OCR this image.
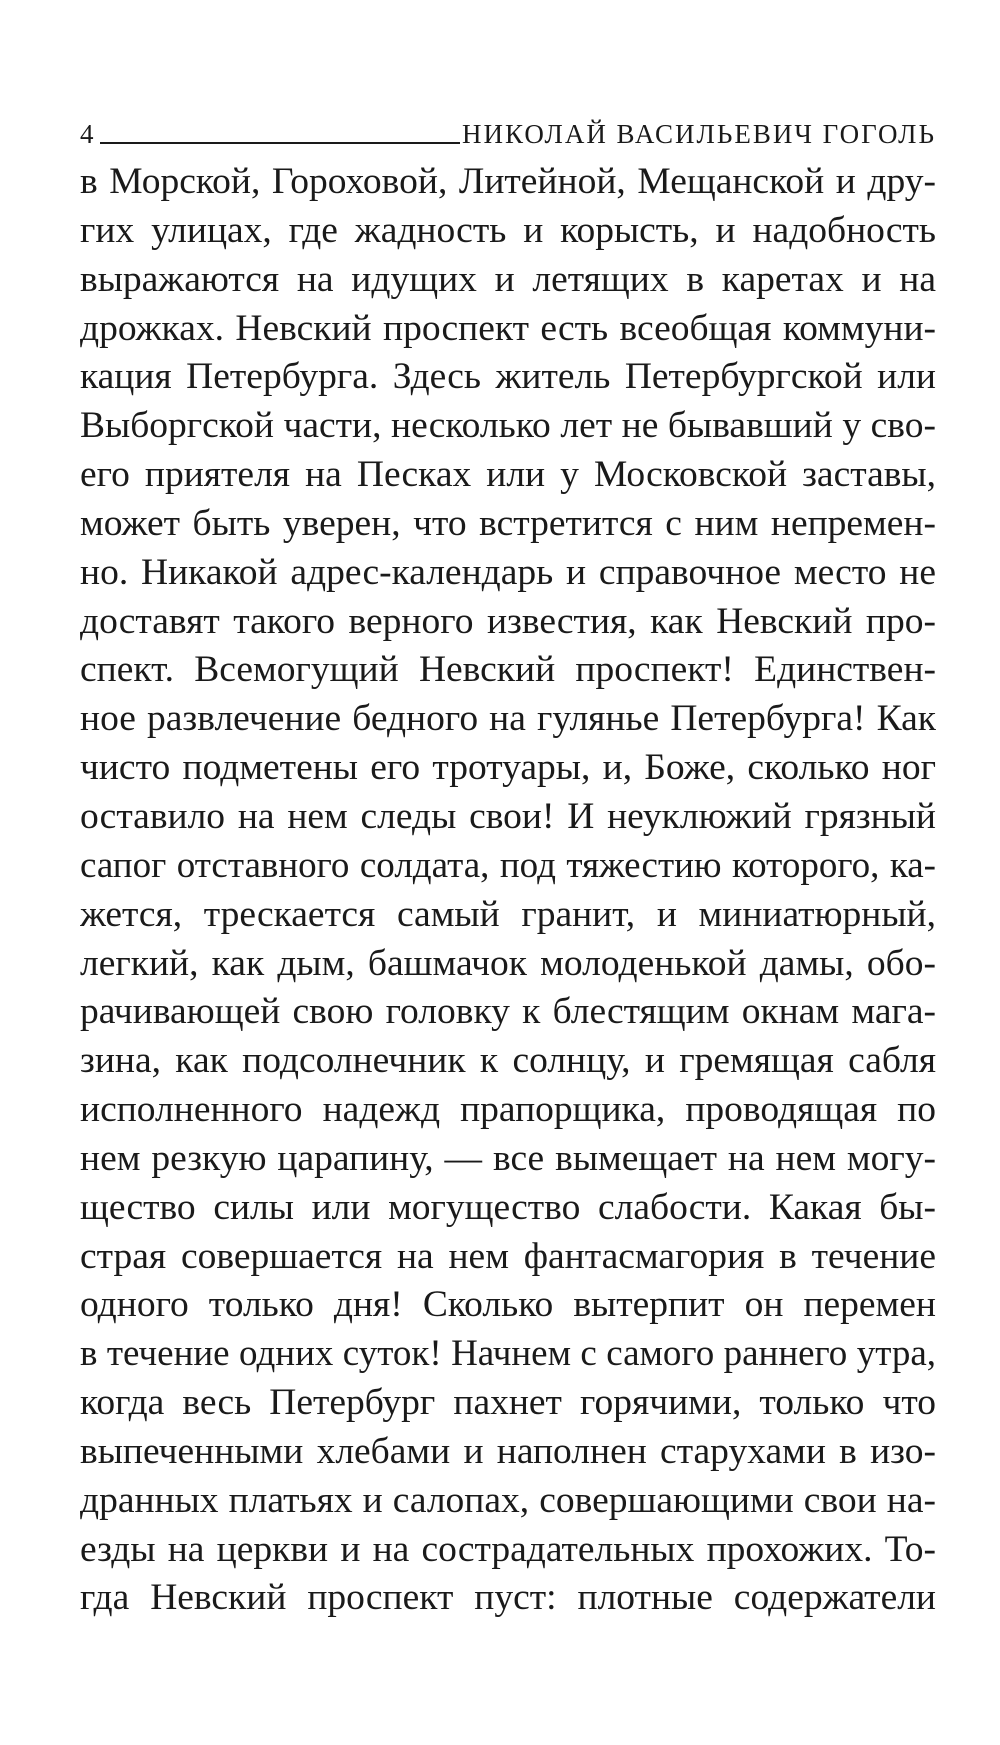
4	НИКОЛАЙ ВАСИЛЬЕВИЧ ГОГОЛЬ
в Морской, Гороховой, Литейной, Мещанской и дру-
гих улицах, где жадность и корысть, и надобность
выражаются на идущих и летящих в каретах и на
дрожках. Невский проспект есть всеобщая коммуни-
кация Петербурга. Здесь житель Петербургской или
Выборгской части, несколько лет не бывавший у сво-
его приятеля на Песках или у Московской заставы,
может быть уверен, что встретится с ним непремен-
но. Никакой адрес-календарь и справочное место не
доставят такого верного известия, как Невский про-
спект. Всемогущий Невский проспект! Единствен-
ное развлечение бедного на гулянье Петербурга! Как
чисто подметены его тротуары, и, Боже, сколько ног
оставило на нем следы свои! И неуклюжий грязный
сапог отставного солдата, под тяжестию которого, ка-
жется, трескается самый гранит, и миниатюрный,
легкий, как дым, башмачок молоденькой дамы, обо-
рачивающей свою головку к блестящим окнам мага-
зина, как подсолнечник к солнцу, и гремящая сабля
исполненного надежд прапорщика, проводящая по
нем резкую царапину, — все вымещает на нем могу-
щество силы или могущество слабости. Какая бы-
страя совершается на нем фантасмагория в течение
одного только дня! Сколько вытерпит он перемен
в течение одних суток! Начнем с самого раннего утра,
когда весь Петербург пахнет горячими, только что
выпеченными хлебами и наполнен старухами в изо-
дранных платьях и салопах, совершающими свои на-
езды на церкви и на сострадательных прохожих. То-
гда Невский проспект пуст: плотные содержатели
